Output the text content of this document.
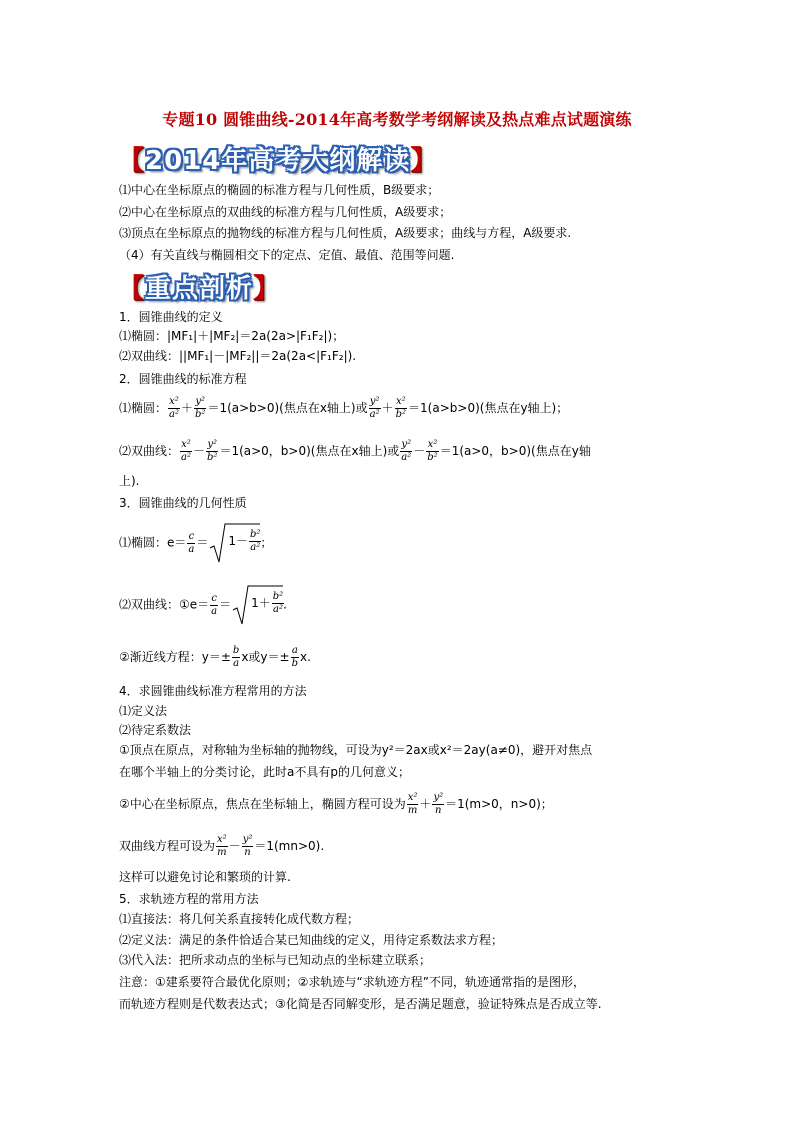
专题10 圆锥曲线-2014年高考数学考纲解读及热点难点试题演练
【2014年高考大纲解读】
⑴中心在坐标原点的椭圆的标准方程与几何性质，B级要求；
⑵中心在坐标原点的双曲线的标准方程与几何性质，A级要求；
⑶顶点在坐标原点的抛物线的标准方程与几何性质，A级要求；曲线与方程，A级要求.
（4）有关直线与椭圆相交下的定点、定值、最值、范围等问题.
【重点剖析】
1．圆锥曲线的定义
⑴椭圆：|MF₁|＋|MF₂|＝2a(2a>|F₁F₂|)；
⑵双曲线：||MF₁|－|MF₂||＝2a(2a<|F₁F₂|).
2．圆锥曲线的标准方程
⑴椭圆： $\frac{\text{x²}}{\text{a²}} + \frac{\text{y²}}{\text{b²}} =1(a>b>0)$(焦点在x轴上)或 $\frac{\text{y²}}{\text{a²}} + \frac{\text{x²}}{\text{b²}} =1(a>b>0)$(焦点在y轴上)；
⑵双曲线： $\frac{\text{x²}}{\text{a²}} - \frac{\text{y²}}{\text{b²}} =1(a>0$，b>0)(焦点在x轴上)或 $\frac{\text{y²}}{\text{a²}} - \frac{\text{x²}}{\text{b²}} =1(a>0$，b>0)(焦点在y轴
上).
3．圆锥曲线的几何性质
⑴椭圆：$e= \frac{c}{a} = 1- \frac{\text{b²}}{\text{a²}}$
；
⑵双曲线：①e＝ $\frac{c}{a} = 1+ \frac{\text{b²}}{\text{a²}}$
.
②渐近线方程：$y=\pm \frac{b}{a}$ x或$y=\pm \frac{a}{b} x$.
4．求圆锥曲线标准方程常用的方法
⑴定义法
⑵待定系数法
①顶点在原点，对称轴为坐标轴的抛物线，可设为y²＝2ax或x²＝2ay(a≠0)，避开对焦点
在哪个半轴上的分类讨论，此时a不具有p的几何意义；
②中心在坐标原点，焦点在坐标轴上，椭圆方程可设为 $\frac{\text{x²}}{m} + \frac{\text{y²}}{n} =1(m>0$，n>0)；
双曲线方程可设为 $\frac{\text{x²}}{m} - \frac{\text{y²}}{n} =1(mn>0)$.
这样可以避免讨论和繁琐的计算.
5．求轨迹方程的常用方法
⑴直接法：将几何关系直接转化成代数方程；
⑵定义法：满足的条件恰适合某已知曲线的定义，用待定系数法求方程；
⑶代入法：把所求动点的坐标与已知动点的坐标建立联系；
注意：①建系要符合最优化原则；②求轨迹与“求轨迹方程”不同，轨迹通常指的是图形，
而轨迹方程则是代数表达式；③化简是否同解变形，是否满足题意，验证特殊点是否成立等.
